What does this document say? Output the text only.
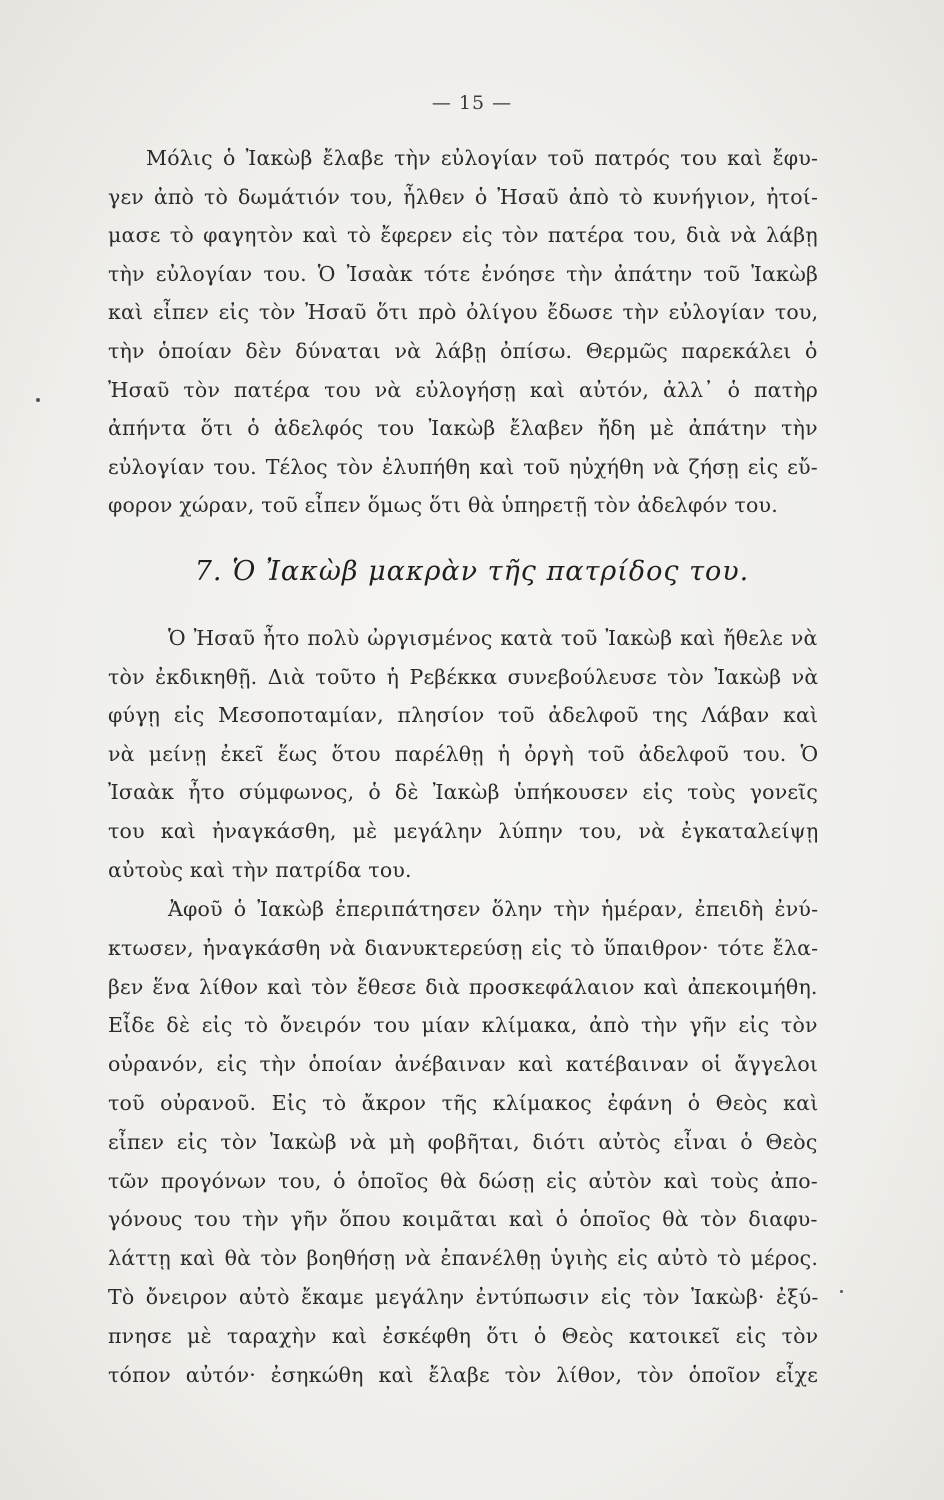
— 15 —
Μόλις ὁ Ἰακὼβ ἔλαβε τὴν εὐλογίαν τοῦ πατρός του καὶ ἔφυ-
γεν ἀπὸ τὸ δωμάτιόν του, ἦλθεν ὁ Ἠσαῦ ἀπὸ τὸ κυνήγιον, ἠτοί-
μασε τὸ φαγητὸν καὶ τὸ ἔφερεν εἰς τὸν πατέρα του, διὰ νὰ λάβῃ
τὴν εὐλογίαν του. Ὁ Ἰσαὰκ τότε ἐνόησε τὴν ἀπάτην τοῦ Ἰακὼβ
καὶ εἶπεν εἰς τὸν Ἠσαῦ ὅτι πρὸ ὀλίγου ἔδωσε τὴν εὐλογίαν του,
τὴν ὁποίαν δὲν δύναται νὰ λάβῃ ὀπίσω. Θερμῶς παρεκάλει ὁ
Ἠσαῦ τὸν πατέρα του νὰ εὐλογήσῃ καὶ αὐτόν, ἀλλ᾽ ὁ πατὴρ
ἀπήντα ὅτι ὁ ἀδελφός του Ἰακὼβ ἔλαβεν ἤδη μὲ ἀπάτην τὴν
εὐλογίαν του. Τέλος τὸν ἐλυπήθη καὶ τοῦ ηὐχήθη νὰ ζήσῃ εἰς εὔ-
φορον χώραν, τοῦ εἶπεν ὅμως ὅτι θὰ ὑπηρετῇ τὸν ἀδελφόν του.
7. Ὁ Ἰακὼβ μακρὰν τῆς πατρίδος του.
Ὁ Ἠσαῦ ἦτο πολὺ ὠργισμένος κατὰ τοῦ Ἰακὼβ καὶ ἤθελε νὰ
τὸν ἐκδικηθῇ. Διὰ τοῦτο ἡ Ρεβέκκα συνεβούλευσε τὸν Ἰακὼβ νὰ
φύγῃ εἰς Μεσοποταμίαν, πλησίον τοῦ ἀδελφοῦ της Λάβαν καὶ
νὰ μείνῃ ἐκεῖ ἕως ὅτου παρέλθῃ ἡ ὀργὴ τοῦ ἀδελφοῦ του. Ὁ
Ἰσαὰκ ἦτο σύμφωνος, ὁ δὲ Ἰακὼβ ὑπήκουσεν εἰς τοὺς γονεῖς
του καὶ ἠναγκάσθη, μὲ μεγάλην λύπην του, νὰ ἐγκαταλείψῃ
αὐτοὺς καὶ τὴν πατρίδα του.
Ἀφοῦ ὁ Ἰακὼβ ἐπεριπάτησεν ὅλην τὴν ἡμέραν, ἐπειδὴ ἐνύ-
κτωσεν, ἠναγκάσθη νὰ διανυκτερεύσῃ εἰς τὸ ὕπαιθρον· τότε ἔλα-
βεν ἕνα λίθον καὶ τὸν ἔθεσε διὰ προσκεφάλαιον καὶ ἀπεκοιμήθη.
Εἶδε δὲ εἰς τὸ ὄνειρόν του μίαν κλίμακα, ἀπὸ τὴν γῆν εἰς τὸν
οὐρανόν, εἰς τὴν ὁποίαν ἀνέβαιναν καὶ κατέβαιναν οἱ ἄγγελοι
τοῦ οὐρανοῦ. Εἰς τὸ ἄκρον τῆς κλίμακος ἐφάνη ὁ Θεὸς καὶ
εἶπεν εἰς τὸν Ἰακὼβ νὰ μὴ φοβῆται, διότι αὐτὸς εἶναι ὁ Θεὸς
τῶν προγόνων του, ὁ ὁποῖος θὰ δώσῃ εἰς αὐτὸν καὶ τοὺς ἀπο-
γόνους του τὴν γῆν ὅπου κοιμᾶται καὶ ὁ ὁποῖος θὰ τὸν διαφυ-
λάττῃ καὶ θὰ τὸν βοηθήσῃ νὰ ἐπανέλθῃ ὑγιὴς εἰς αὐτὸ τὸ μέρος.
Τὸ ὄνειρον αὐτὸ ἔκαμε μεγάλην ἐντύπωσιν εἰς τὸν Ἰακὼβ· ἐξύ-
πνησε μὲ ταραχὴν καὶ ἐσκέφθη ὅτι ὁ Θεὸς κατοικεῖ εἰς τὸν
τόπον αὐτόν· ἐσηκώθη καὶ ἔλαβε τὸν λίθον, τὸν ὁποῖον εἶχε
